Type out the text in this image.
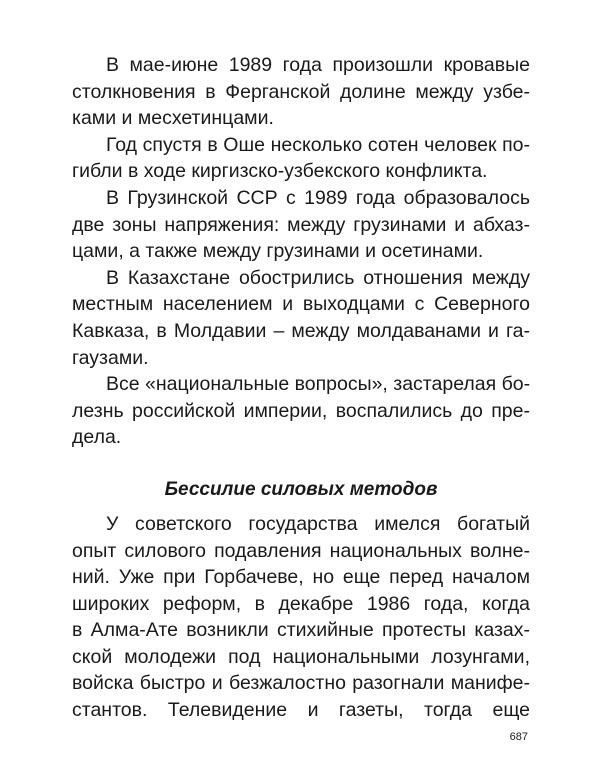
В мае-июне 1989 года произошли кровавые
столкновения в Ферганской долине между узбе-
ками и месхетинцами.
Год спустя в Оше несколько сотен человек по-
гибли в ходе киргизско-узбекского конфликта.
В Грузинской ССР с 1989 года образовалось
две зоны напряжения: между грузинами и абхаз-
цами, а также между грузинами и осетинами.
В Казахстане обострились отношения между
местным населением и выходцами с Северного
Кавказа, в Молдавии – между молдаванами и га-
гаузами.
Все «национальные вопросы», застарелая бо-
лезнь российской империи, воспалились до пре-
дела.
Бессилие силовых методов
У советского государства имелся богатый
опыт силового подавления национальных волне-
ний. Уже при Горбачеве, но еще перед началом
широких реформ, в декабре 1986 года, когда
в Алма-Ате возникли стихийные протесты казах-
ской молодежи под национальными лозунгами,
войска быстро и безжалостно разогнали манифе-
стантов. Телевидение и газеты, тогда еще
687
